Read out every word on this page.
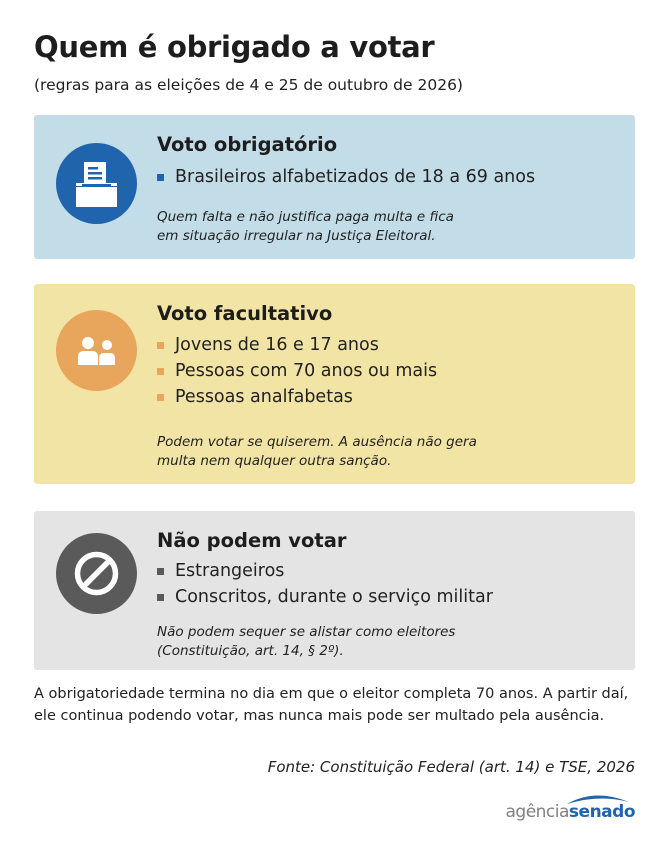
Quem é obrigado a votar
(regras para as eleições de 4 e 25 de outubro de 2026)
Voto obrigatório
Brasileiros alfabetizados de 18 a 69 anos
Quem falta e não justifica paga multa e fica
em situação irregular na Justiça Eleitoral.
Voto facultativo
Jovens de 16 e 17 anos
Pessoas com 70 anos ou mais
Pessoas analfabetas
Podem votar se quiserem. A ausência não gera
multa nem qualquer outra sanção.
Não podem votar
Estrangeiros
Conscritos, durante o serviço militar
Não podem sequer se alistar como eleitores
(Constituição, art. 14, § 2º).
A obrigatoriedade termina no dia em que o eleitor completa 70 anos. A partir daí,
ele continua podendo votar, mas nunca mais pode ser multado pela ausência.
Fonte: Constituição Federal (art. 14) e TSE, 2026
agênciasenado
